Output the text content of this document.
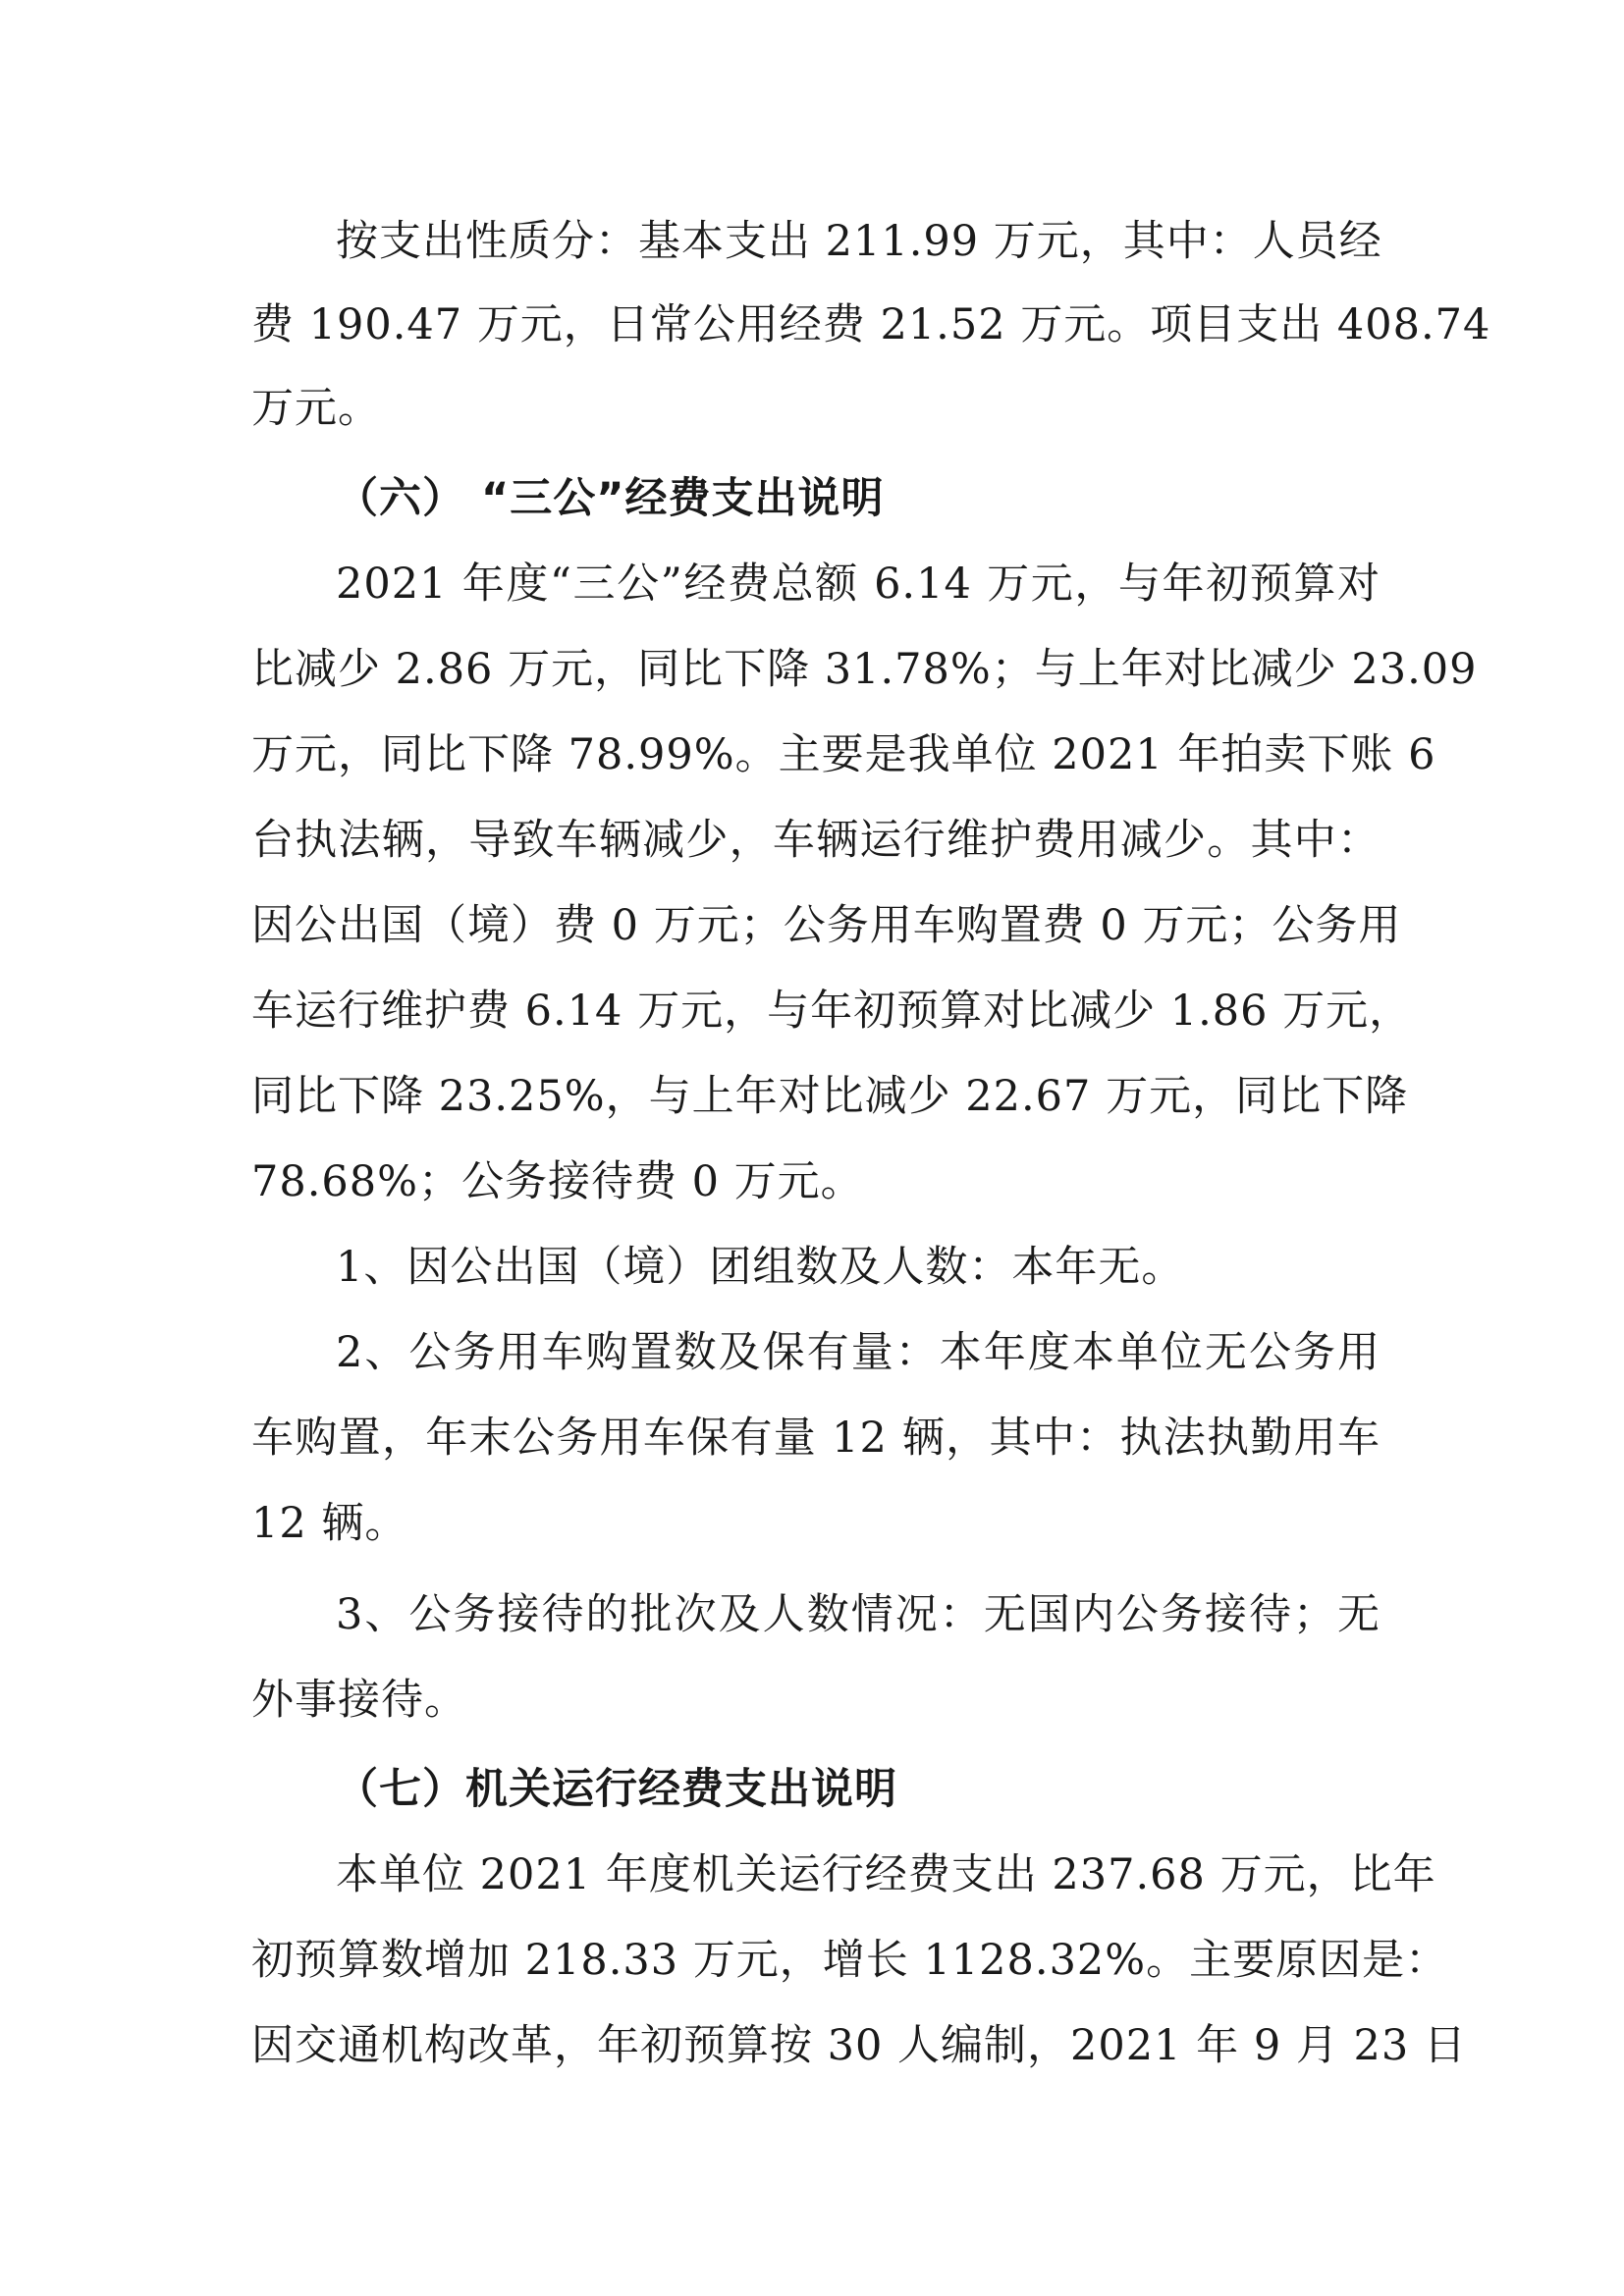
按支出性质分：基本支出 211.99 万元，其中：人员经
费 190.47 万元，日常公用经费 21.52 万元。项目支出 408.74
万元。
（六） “三公”经费支出说明
2021 年度“三公”经费总额 6.14 万元，与年初预算对
比减少 2.86 万元，同比下降 31.78%；与上年对比减少 23.09
万元，同比下降 78.99%。主要是我单位 2021 年拍卖下账 6
台执法辆，导致车辆减少，车辆运行维护费用减少。其中：
因公出国（境）费 0 万元；公务用车购置费 0 万元；公务用
车运行维护费 6.14 万元，与年初预算对比减少 1.86 万元，
同比下降 23.25%，与上年对比减少 22.67 万元，同比下降
78.68%；公务接待费 0 万元。
1、因公出国（境）团组数及人数：本年无。
2、公务用车购置数及保有量：本年度本单位无公务用
车购置，年末公务用车保有量 12 辆，其中：执法执勤用车
12 辆。
3、公务接待的批次及人数情况：无国内公务接待；无
外事接待。
（七）机关运行经费支出说明
本单位 2021 年度机关运行经费支出 237.68 万元，比年
初预算数增加 218.33 万元，增长 1128.32%。主要原因是：
因交通机构改革，年初预算按 30 人编制，2021 年 9 月 23 日
